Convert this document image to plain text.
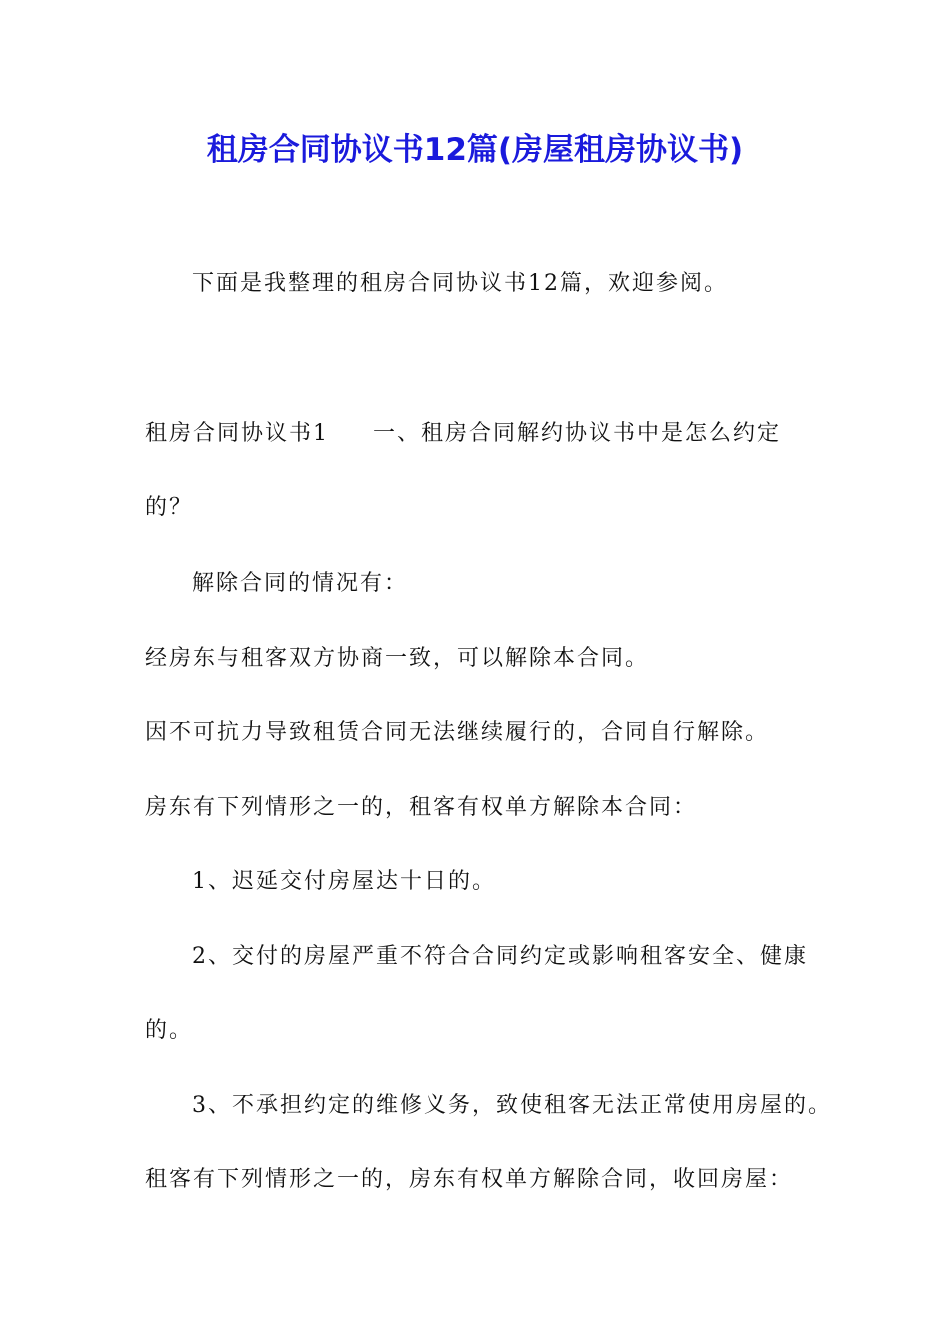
租房合同协议书12篇(房屋租房协议书)
下面是我整理的租房合同协议书12篇，欢迎参阅。
租房合同协议书1 一、租房合同解约协议书中是怎么约定
的？
解除合同的情况有：
经房东与租客双方协商一致，可以解除本合同。
因不可抗力导致租赁合同无法继续履行的，合同自行解除。
房东有下列情形之一的，租客有权单方解除本合同：
1、迟延交付房屋达十日的。
2、交付的房屋严重不符合合同约定或影响租客安全、健康
的。
3、不承担约定的维修义务，致使租客无法正常使用房屋的。
租客有下列情形之一的，房东有权单方解除合同，收回房屋：
